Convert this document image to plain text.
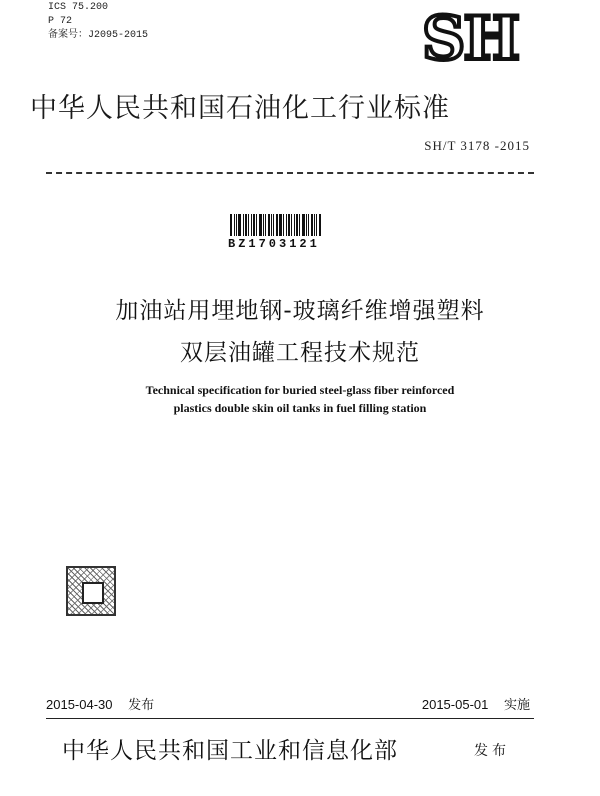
ICS 75.200
P 72
备案号：J2095-2015	SH
中华人民共和国石油化工行业标准
SH/T 3178 -2015
BZ1703121
加油站用埋地钢-玻璃纤维增强塑料
双层油罐工程技术规范
Technical specification for buried steel-glass fiber reinforced
plastics double skin oil tanks in fuel filling station
2015-04-30 发布	2015-05-01 实施
中华人民共和国工业和信息化部	发布
